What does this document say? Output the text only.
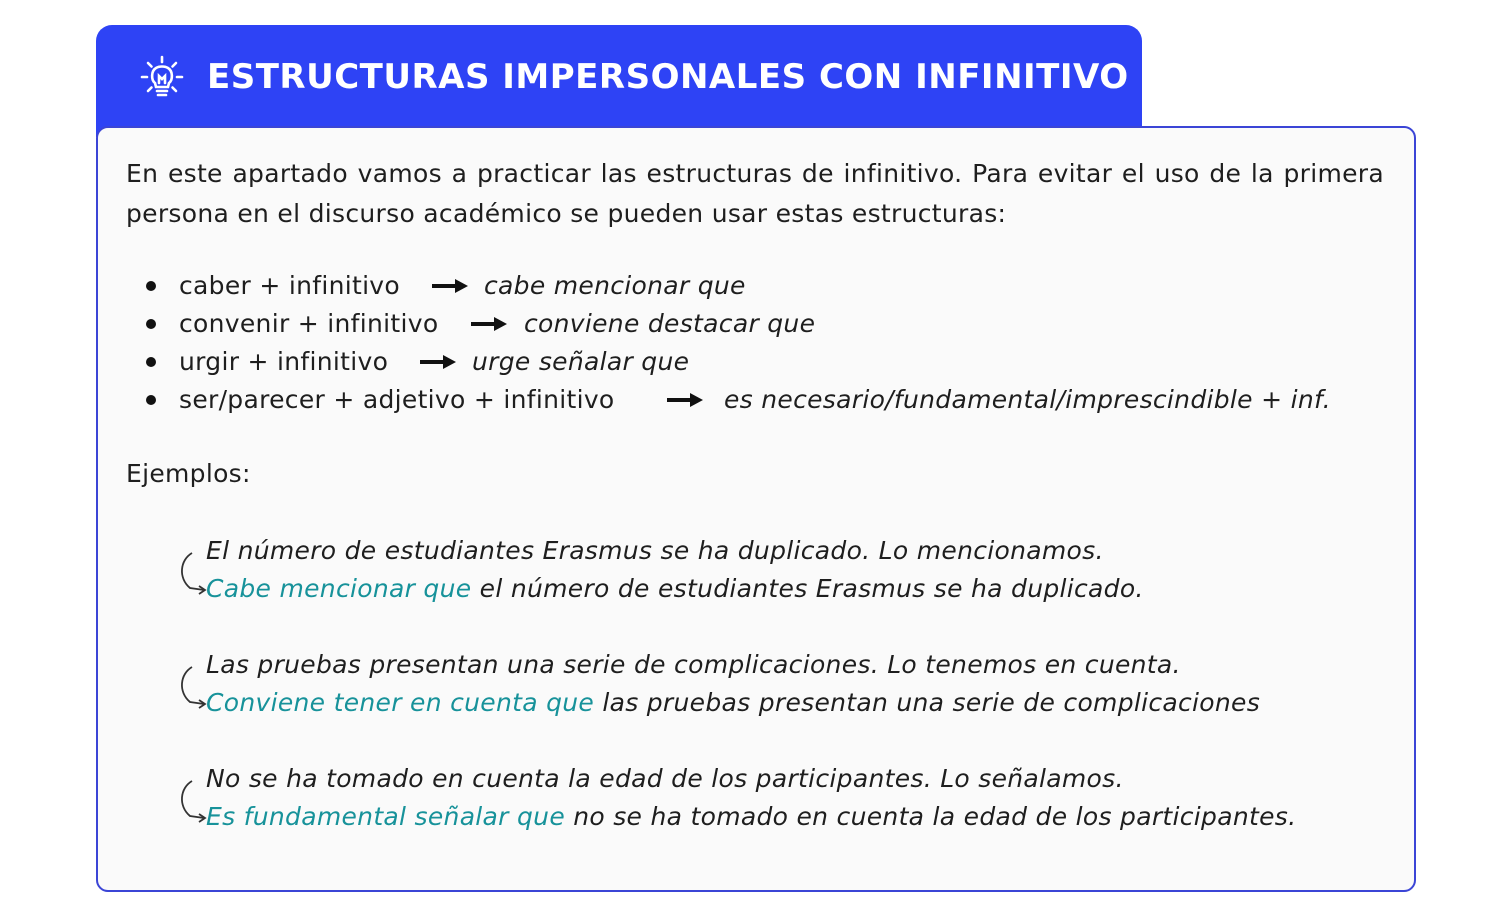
ESTRUCTURAS IMPERSONALES CON INFINITIVO
En este apartado vamos a practicar las estructuras de infinitivo. Para evitar el uso de la primera persona en el discurso académico se pueden usar estas estructuras:
caber + infinitivo	cabe mencionar que
convenir + infinitivo	conviene destacar que
urgir + infinitivo	urge señalar que
ser/parecer + adjetivo + infinitivo	es necesario/fundamental/imprescindible + inf.
Ejemplos:
El número de estudiantes Erasmus se ha duplicado. Lo mencionamos.
Cabe mencionar que el número de estudiantes Erasmus se ha duplicado.
Las pruebas presentan una serie de complicaciones. Lo tenemos en cuenta.
Conviene tener en cuenta que las pruebas presentan una serie de complicaciones
No se ha tomado en cuenta la edad de los participantes. Lo señalamos.
Es fundamental señalar que no se ha tomado en cuenta la edad de los participantes.
